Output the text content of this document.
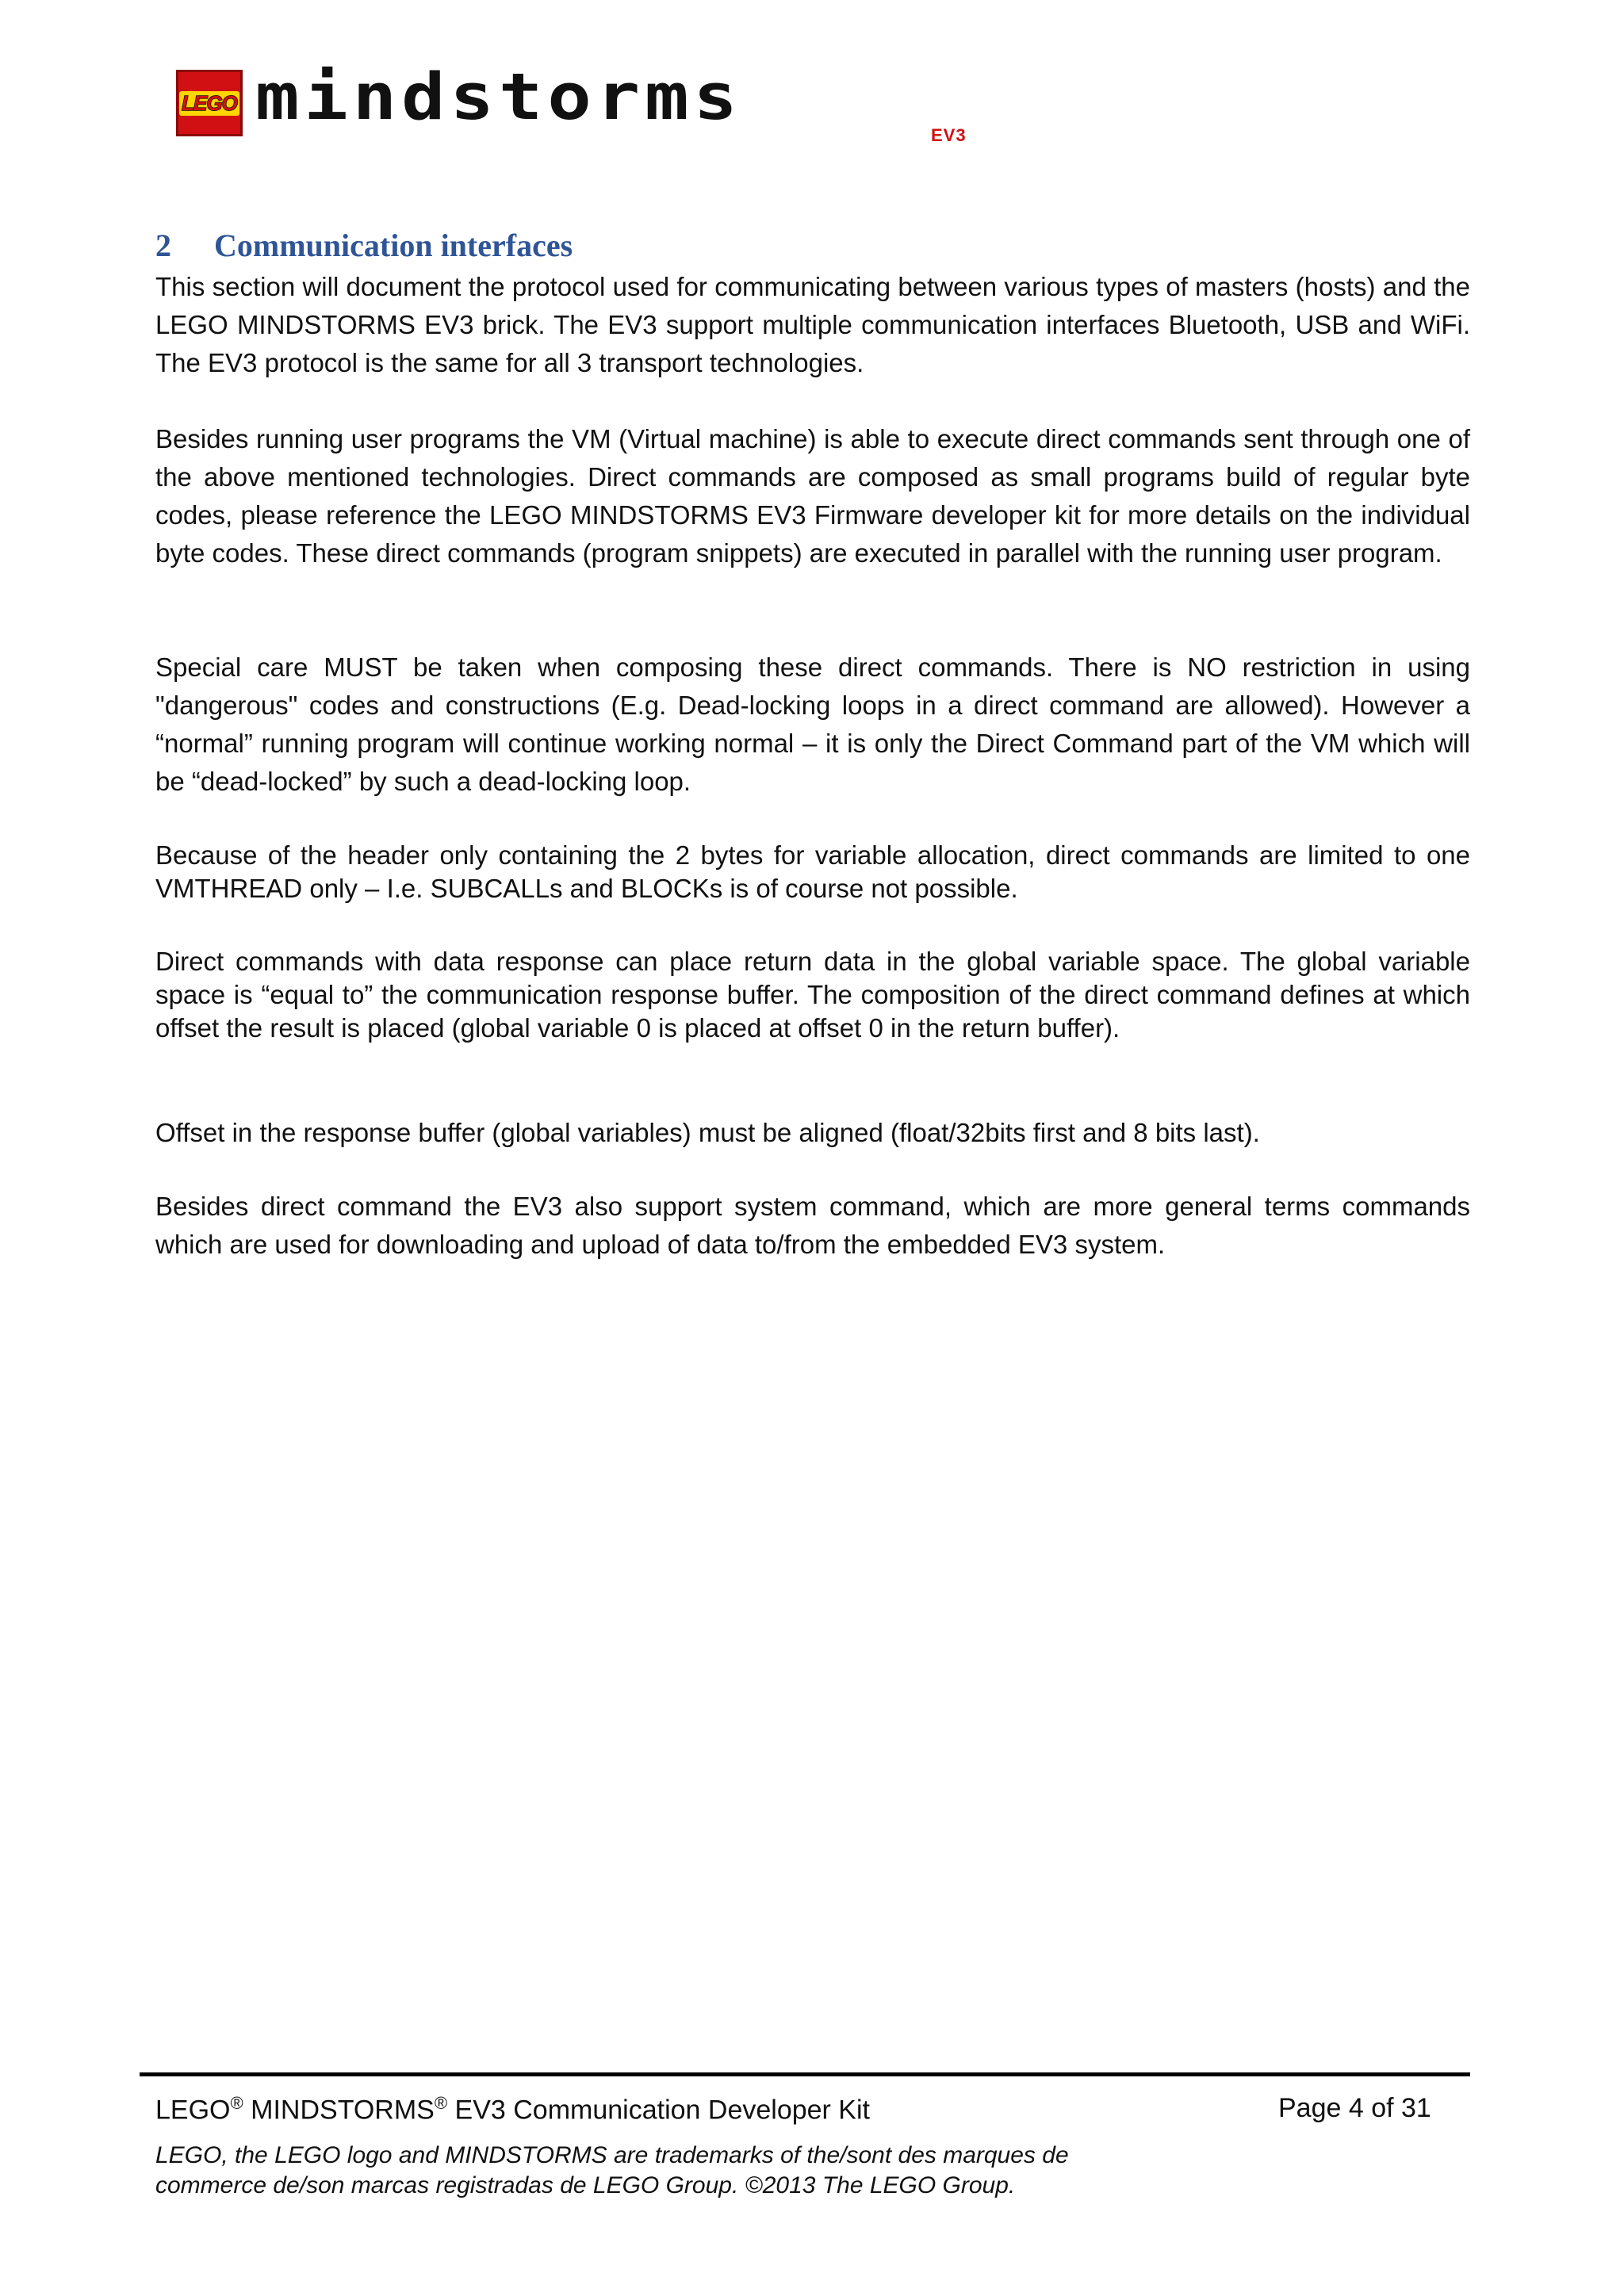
LEGO mindstorms
EV3
2 Communication interfaces

This section will document the protocol used for communicating between various types of masters (hosts) and the LEGO MINDSTORMS EV3 brick. The EV3 support multiple communication interfaces Bluetooth, USB and WiFi. The EV3 protocol is the same for all 3 transport technologies.

Besides running user programs the VM (Virtual machine) is able to execute direct commands sent through one of the above mentioned technologies. Direct commands are composed as small programs build of regular byte codes, please reference the LEGO MINDSTORMS EV3 Firmware developer kit for more details on the individual byte codes. These direct commands (program snippets) are executed in parallel with the running user program.

Special care MUST be taken when composing these direct commands. There is NO restriction in using "dangerous" codes and constructions (E.g. Dead-locking loops in a direct command are allowed). However a “normal” running program will continue working normal – it is only the Direct Command part of the VM which will be “dead-locked” by such a dead-locking loop.

Because of the header only containing the 2 bytes for variable allocation, direct commands are limited to one VMTHREAD only – I.e. SUBCALLs and BLOCKs is of course not possible.

Direct commands with data response can place return data in the global variable space. The global variable space is “equal to” the communication response buffer. The composition of the direct command defines at which offset the result is placed (global variable 0 is placed at offset 0 in the return buffer).

Offset in the response buffer (global variables) must be aligned (float/32bits first and 8 bits last).

Besides direct command the EV3 also support system command, which are more general terms commands which are used for downloading and upload of data to/from the embedded EV3 system.

LEGO® MINDSTORMS® EV3 Communication Developer Kit	Page 4 of 31
LEGO, the LEGO logo and MINDSTORMS are trademarks of the/sont des marques de
commerce de/son marcas registradas de LEGO Group. ©2013 The LEGO Group.
